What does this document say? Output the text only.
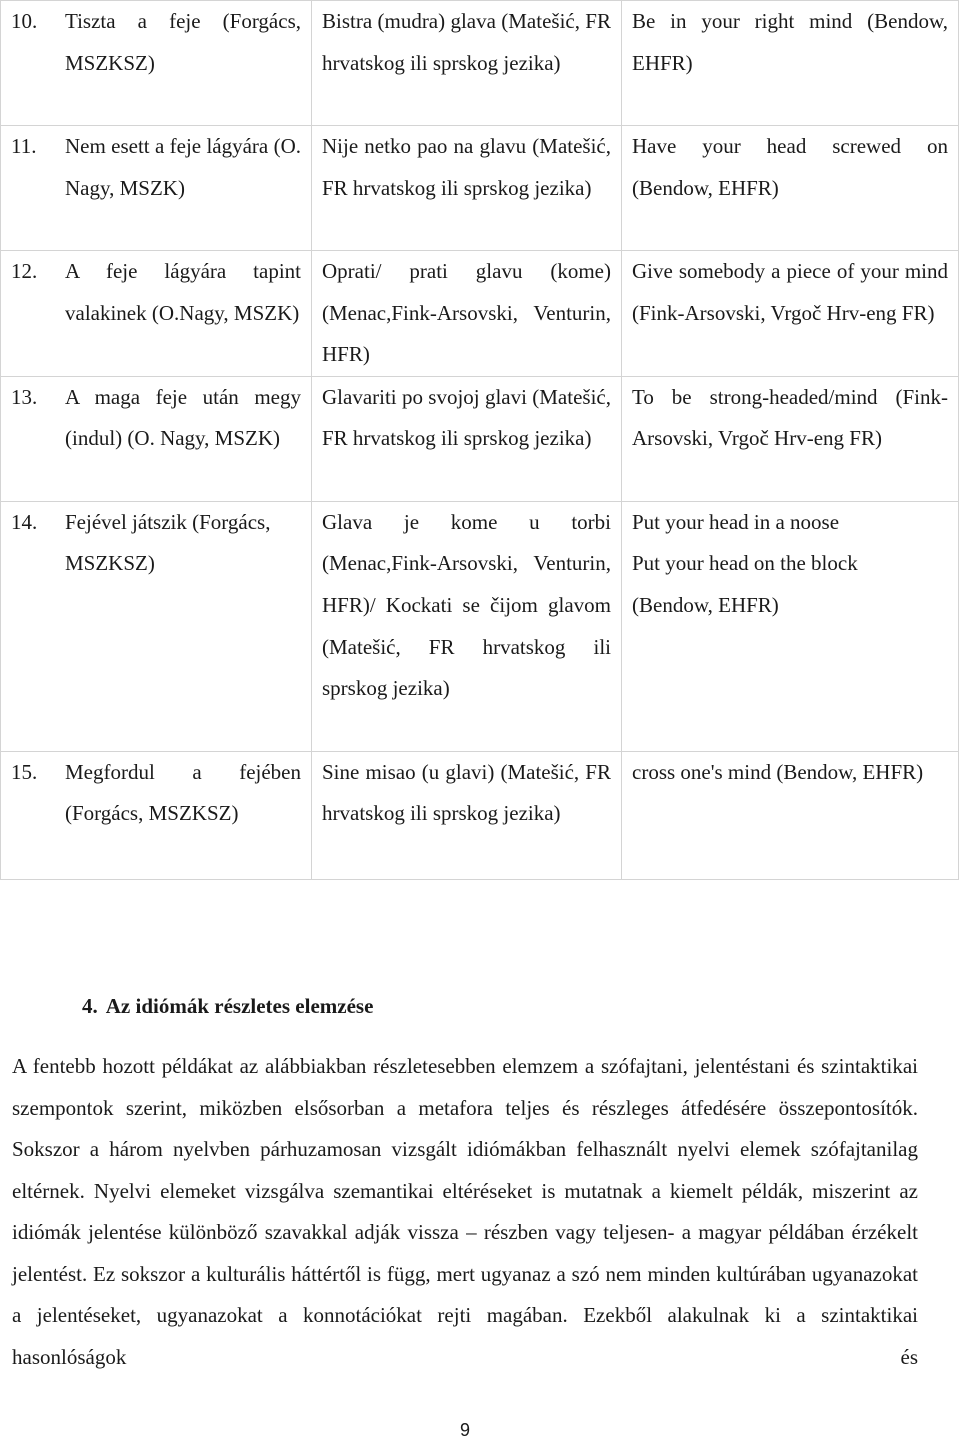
10. Tiszta a feje (Forgács, MSZKSZ)	Bistra (mudra) glava (Matešić, FR hrvatskog ili sprskog jezika)	Be in your right mind (Bendow, EHFR)

11. Nem esett a feje lágyára (O. Nagy, MSZK)	Nije netko pao na glavu (Matešić, FR hrvatskog ili sprskog jezika)	Have your head screwed on (Bendow, EHFR)

12. A feje lágyára tapint valakinek (O.Nagy, MSZK)	Oprati/ prati glavu (kome) (Menac,Fink-Arsovski, Venturin, HFR)	Give somebody a piece of your mind (Fink-Arsovski, Vrgoč Hrv-eng FR)

13. A maga feje után megy (indul) (O. Nagy, MSZK)	Glavariti po svojoj glavi (Matešić, FR hrvatskog ili sprskog jezika)	To be strong-headed/mind (Fink-Arsovski, Vrgoč Hrv-eng FR)

14. Fejével játszik (Forgács, MSZKSZ)	Glava je kome u torbi (Menac,Fink-Arsovski, Venturin, HFR)/ Kockati se čijom glavom (Matešić, FR hrvatskog ili sprskog jezika)	Put your head in a noose
Put your head on the block
(Bendow, EHFR)

15. Megfordul a fejében (Forgács, MSZKSZ)	Sine misao (u glavi) (Matešić, FR hrvatskog ili sprskog jezika)	cross one's mind (Bendow, EHFR)
4. Az idiómák részletes elemzése

A fentebb hozott példákat az alábbiakban részletesebben elemzem a szófajtani, jelentéstani és szintaktikai szempontok szerint, miközben elsősorban a metafora teljes és részleges átfedésére összepontosítók. Sokszor a három nyelvben párhuzamosan vizsgált idiómákban felhasznált nyelvi elemek szófajtanilag eltérnek. Nyelvi elemeket vizsgálva szemantikai eltéréseket is mutatnak a kiemelt példák, miszerint az idiómák jelentése különböző szavakkal adják vissza – részben vagy teljesen- a magyar példában érzékelt jelentést. Ez sokszor a kulturális háttértől is függ, mert ugyanaz a szó nem minden kultúrában ugyanazokat a jelentéseket, ugyanazokat a konnotációkat rejti magában. Ezekből alakulnak ki a szintaktikai hasonlóságok és

9
